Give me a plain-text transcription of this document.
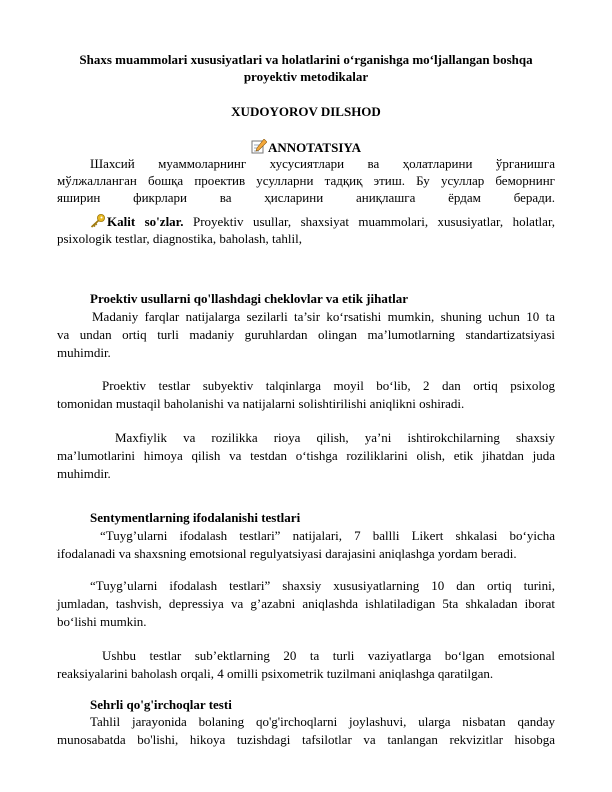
Shaxs muammolari xususiyatlari va holatlarini o‘rganishga mo‘ljallangan boshqa
proyektiv metodikalar
XUDOYOROV DILSHOD
ANNOTATSIYA
Шахсий муаммоларнинг хусусиятлари ва ҳолатларини ўрганишга
мўлжалланган бошқа проектив усулларни тадқиқ этиш. Бу усуллар беморнинг
яширин фикрлари ва ҳисларини аниқлашга ёрдам беради.
Kalit so'zlar. Proyektiv usullar, shaxsiyat muammolari, xususiyatlar, holatlar,
psixologik testlar, diagnostika, baholash, tahlil,
Proektiv usullarni qo'llashdagi cheklovlar va etik jihatlar
Madaniy farqlar natijalarga sezilarli ta’sir ko‘rsatishi mumkin, shuning uchun 10 ta
va undan ortiq turli madaniy guruhlardan olingan ma’lumotlarning standartizatsiyasi
muhimdir.
Proektiv testlar subyektiv talqinlarga moyil bo‘lib, 2 dan ortiq psixolog
tomonidan mustaqil baholanishi va natijalarni solishtirilishi aniqlikni oshiradi.
Maxfiylik va rozilikka rioya qilish, ya’ni ishtirokchilarning shaxsiy
ma’lumotlarini himoya qilish va testdan o‘tishga roziliklarini olish, etik jihatdan juda
muhimdir.
Sentymentlarning ifodalanishi testlari
“Tuyg’ularni ifodalash testlari” natijalari, 7 ballli Likert shkalasi bo‘yicha
ifodalanadi va shaxsning emotsional regulyatsiyasi darajasini aniqlashga yordam beradi.
“Tuyg’ularni ifodalash testlari” shaxsiy xususiyatlarning 10 dan ortiq turini,
jumladan, tashvish, depressiya va g’azabni aniqlashda ishlatiladigan 5ta shkaladan iborat
bo‘lishi mumkin.
Ushbu testlar sub’ektlarning 20 ta turli vaziyatlarga bo‘lgan emotsional
reaksiyalarini baholash orqali, 4 omilli psixometrik tuzilmani aniqlashga qaratilgan.
Sehrli qo'g'irchoqlar testi
Tahlil jarayonida bolaning qo'g'irchoqlarni joylashuvi, ularga nisbatan qanday
munosabatda bo'lishi, hikoya tuzishdagi tafsilotlar va tanlangan rekvizitlar hisobga
